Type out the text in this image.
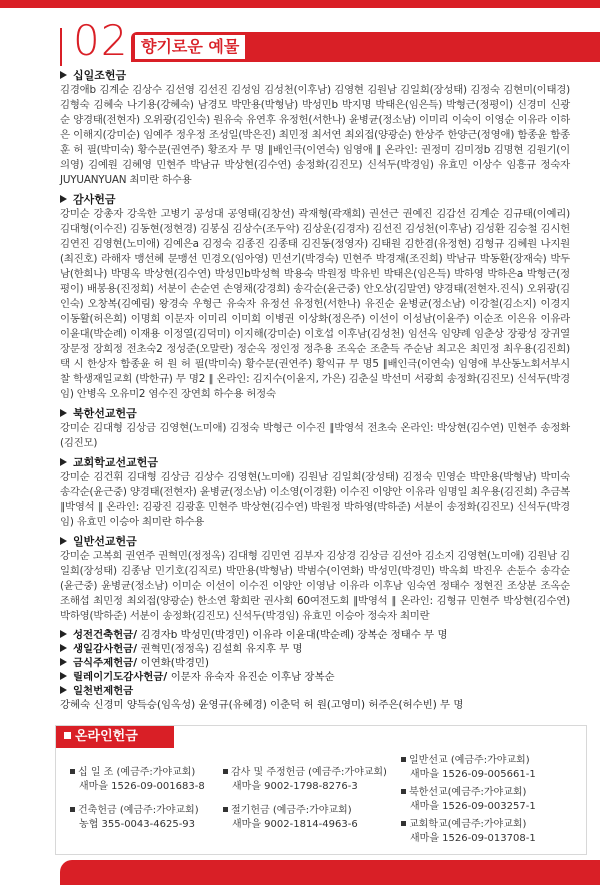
02 향기로운 예물
십일조헌금
김경애b 김계순 김상수 김선영 김선진 김성임 김성천(이후남) 김영현 김원남 김일희(장성태) 김정숙 김현미(이태경) 김형숙 김혜숙 나기용(강혜숙) 남경모 박만용(박형남) 박성민b 박지명 박태은(임은득) 박형근(정평이) 신경미 신광순 양경태(전현자) 오위광(김인숙) 원유숙 유연후 유정헌(서한나) 윤병균(정소남) 이미리 이숙이 이영순 이유라 이하은 이해지(강미순) 임예주 정우정 조성일(박은진) 최민정 최서연 최외접(양광순) 한상주 한양근(정영애) 함종윤 함종훈 허 필(박미숙) 황수문(권연주) 황조자 무 명 ∥배인극(이연숙) 임영애 ∥ 온라인: 권정미 김미정b 김명현 김원기(이의영) 김예원 김혜영 민현주 박남규 박상현(김수연) 송정화(김진모) 신석두(박경임) 유효민 이상수 임흥규 정숙자 JUYUANYUAN 최미란 하수용
감사헌금
강미순 강총자 강욱한 고병기 공성대 공영태(김창선) 곽재형(곽재희) 권선근 권예진 김갑선 김계순 김규태(이예리) 김대형(이수진) 김동현(정현경) 김봉심 김상수(조두악) 김상운(김경자) 김선진 김성천(이후남) 김성환 김승철 김시헌 김연진 김영현(노미애) 김예은a 김정숙 김종진 김종태 김진동(정영자) 김태원 김한겸(유정현) 김형규 김혜원 나지원(최진호) 라해자 맹선혜 문맹선 민경오(임아영) 민선기(박경숙) 민현주 박경재(조진희) 박남규 박동환(장재숙) 박두남(한희나) 박명옥 박상현(김수연) 박성민b박성혁 박용숙 박원정 박유빈 박태은(임은득) 박하영 박하은a 박형근(정평이) 배봉용(진정희) 서분이 손순연 손영채(강경희) 송각순(윤근중) 안오상(김말연) 양경태(전현자.진식) 오위광(김인숙) 오창복(김예림) 왕경숙 우형근 유숙자 유정선 유정헌(서한나) 유진순 윤병균(정소남) 이강철(김소지) 이경지 이동활(허은희) 이명희 이문자 이미리 이미희 이병권 이상화(정은주) 이선이 이성남(이윤주) 이순조 이은유 이유라 이윤대(박순례) 이재용 이정열(김덕미) 이지해(강미순) 이호섭 이후남(김성천) 임선옥 임양례 임춘상 장광성 장귀열 장문정 장희정 전초숙2 정성준(오말란) 정순옥 정인정 정추용 조옥순 조춘득 주순남 최고은 최민정 최우용(김진희) 택 시 한상자 함종윤 허 원 허 필(박미숙) 황수문(권연주) 황익규 무 명5 ∥배인극(이연숙) 임영애 부산동노회서부시찰 학생재일교회 (박한규) 무 명2 ∥ 온라인: 김지수(이윤지, 가은) 김춘실 박선미 서광희 송정화(김진모) 신석두(박경임) 안병옥 오유미2 염수진 장연희 하수용 허정숙
북한선교헌금
강미순 김대형 김상금 김영현(노미애) 김정숙 박형근 이수진 ∥박영석 전초숙 온라인: 박상현(김수연) 민현주 송정화(김진모)
교회학교선교헌금
강미순 김건휘 김대형 김상금 김상수 김영현(노미애) 김원남 김일희(장성태) 김정숙 민영순 박만용(박형남) 박미숙 송각순(윤근중) 양경태(전현자) 윤병균(정소남) 이소영(이경환) 이수진 이양안 이유라 임명일 최우용(김진희) 추금복 ∥박영석 ∥ 온라인: 김광진 김광훈 민현주 박상현(김수연) 박원정 박하영(박하준) 서분이 송정화(김진모) 신석두(박경임) 유효민 이승아 최미란 하수용
일반선교헌금
강미순 고복희 권연주 권혁민(정정옥) 김대형 김민연 김부자 김상경 김상금 김선아 김소지 김영현(노미애) 김원남 김일희(장성태) 김종남 민기호(김직로) 박만용(박형남) 박범수(이연화) 박성민(박경민) 박옥희 박진우 손둔수 송각순(윤근중) 윤병균(정소남) 이미순 이선이 이수진 이양안 이영남 이유라 이후남 임숙연 정태수 정현진 조상분 조옥순 조해섭 최민정 최외접(양광순) 한소연 황희란 권사회 60여전도회 ∥박영석 ∥ 온라인: 김형규 민현주 박상현(김수연) 박하영(박하준) 서분이 송정화(김진모) 신석두(박경임) 유효민 이승아 정숙자 최미란
성전건축헌금/ 김경자b 박성민(박경민) 이유라 이윤대(박순례) 장복순 정태수 무 명
생일감사헌금/ 권혁민(정정옥) 김설희 유지후 무 명
금식주제헌금/ 이연화(박경민)
릴레이기도감사헌금/ 이문자 유숙자 유진순 이후남 장복순
일천번제헌금
강혜숙 신경미 양득승(임옥성) 윤영규(유혜경) 이춘덕 허 원(고영미) 허주은(허수빈) 무 명
온라인헌금
십 일 조 (예금주:가야교회)
새마을 1526-09-001683-8
건축헌금 (예금주:가야교회)
농협 355-0043-4625-93
감사 및 주정헌금 (예금주:가야교회)
새마을 9002-1798-8276-3
절기헌금 (예금주:가야교회)
새마을 9002-1814-4963-6
일반선교 (예금주:가야교회)
새마을 1526-09-005661-1
북한선교(예금주:가야교회)
새마을 1526-09-003257-1
교회학교(예금주:가야교회)
새마을 1526-09-013708-1
